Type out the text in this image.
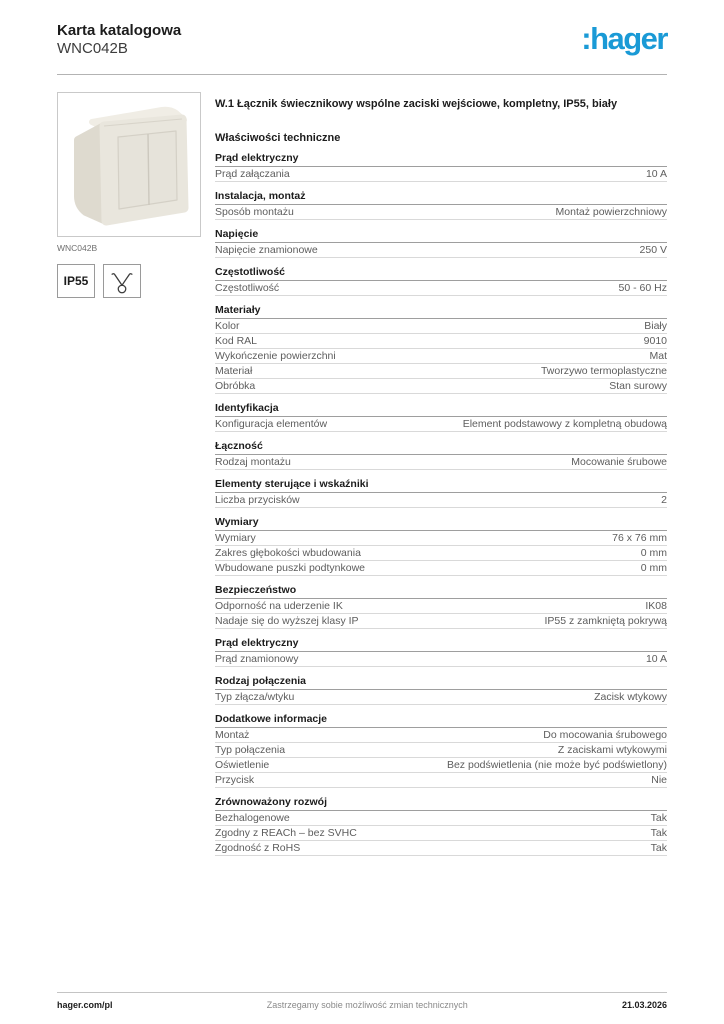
Karta katalogowa
WNC042B	:hager
WNC042B
IP55
W.1 Łącznik świecznikowy wspólne zaciski wejściowe, kompletny, IP55, biały
Właściwości techniczne
Prąd elektryczny
Prąd załączania	10 A
Instalacja, montaż
Sposób montażu	Montaż powierzchniowy
Napięcie
Napięcie znamionowe	250 V
Częstotliwość
Częstotliwość	50 - 60 Hz
Materiały
Kolor	Biały
Kod RAL	9010
Wykończenie powierzchni	Mat
Materiał	Tworzywo termoplastyczne
Obróbka	Stan surowy
Identyfikacja
Konfiguracja elementów	Element podstawowy z kompletną obudową
Łączność
Rodzaj montażu	Mocowanie śrubowe
Elementy sterujące i wskaźniki
Liczba przycisków	2
Wymiary
Wymiary	76 x 76 mm
Zakres głębokości wbudowania	0 mm
Wbudowane puszki podtynkowe	0 mm
Bezpieczeństwo
Odporność na uderzenie IK	IK08
Nadaje się do wyższej klasy IP	IP55 z zamkniętą pokrywą
Prąd elektryczny
Prąd znamionowy	10 A
Rodzaj połączenia
Typ złącza/wtyku	Zacisk wtykowy
Dodatkowe informacje
Montaż	Do mocowania śrubowego
Typ połączenia	Z zaciskami wtykowymi
Oświetlenie	Bez podświetlenia (nie może być podświetlony)
Przycisk	Nie
Zrównoważony rozwój
Bezhalogenowe	Tak
Zgodny z REACh – bez SVHC	Tak
Zgodność z RoHS	Tak
hager.com/pl	Zastrzegamy sobie możliwość zmian technicznych	21.03.2026
